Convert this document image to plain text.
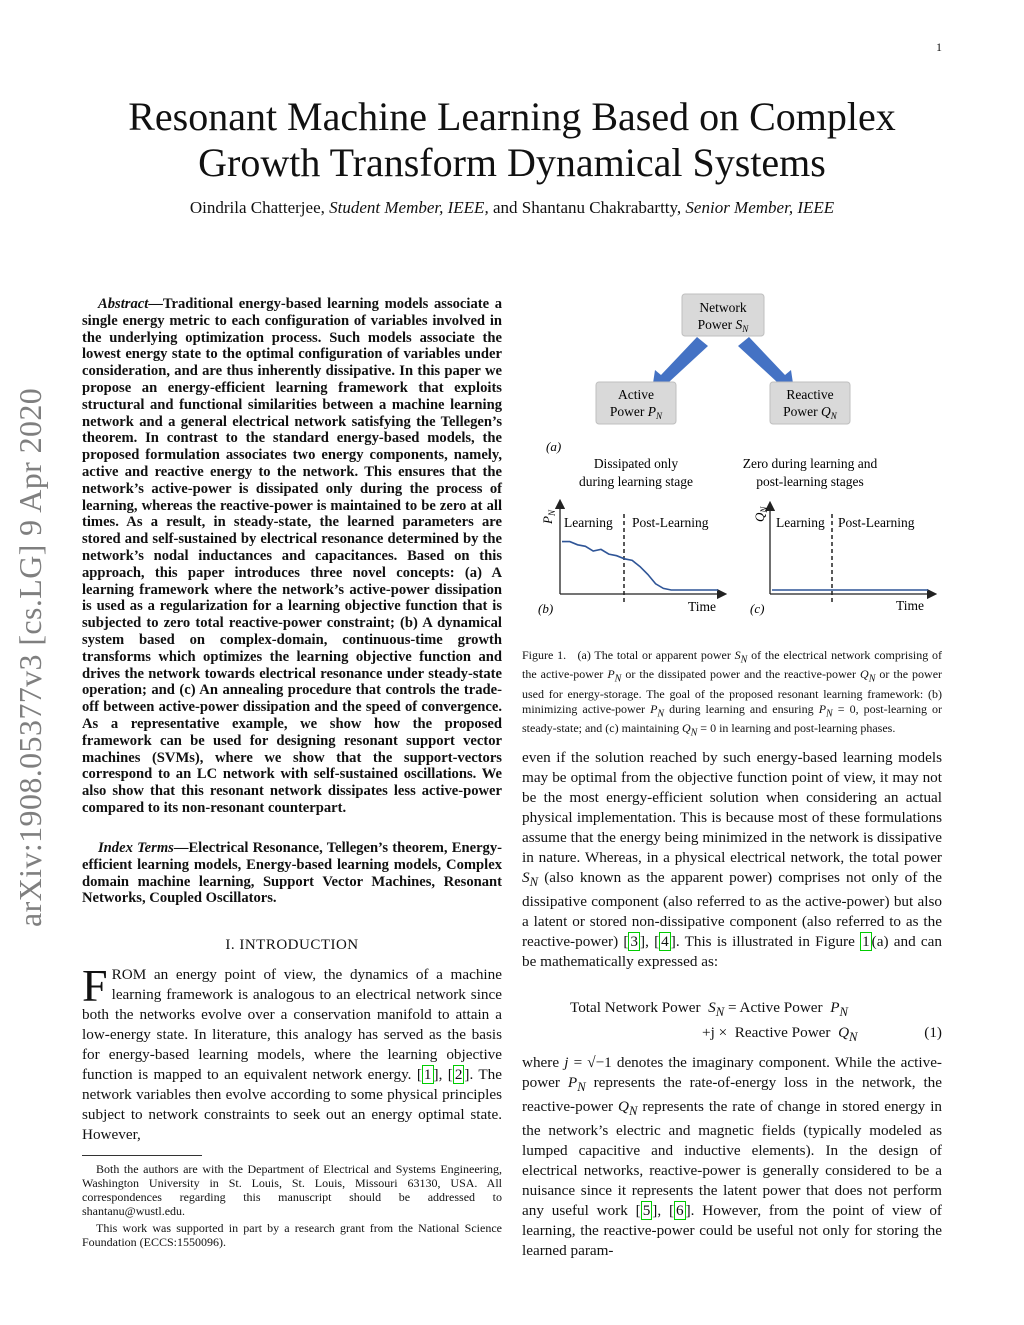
1
Resonant Machine Learning Based on Complex
Growth Transform Dynamical Systems
Oindrila Chatterjee, Student Member, IEEE, and Shantanu Chakrabartty, Senior Member, IEEE
arXiv:1908.05377v3 [cs.LG] 9 Apr 2020
Abstract—Traditional energy-based learning models associate a single energy metric to each configuration of variables involved in the underlying optimization process. Such models associate the lowest energy state to the optimal configuration of variables under consideration, and are thus inherently dissipative. In this paper we propose an energy-efficient learning framework that exploits structural and functional similarities between a machine learning network and a general electrical network satisfying the Tellegen’s theorem. In contrast to the standard energy-based models, the proposed formulation associates two energy components, namely, active and reactive energy to the network. This ensures that the network’s active-power is dissipated only during the process of learning, whereas the reactive-power is maintained to be zero at all times. As a result, in steady-state, the learned parameters are stored and self-sustained by electrical resonance determined by the network’s nodal inductances and capacitances. Based on this approach, this paper introduces three novel concepts: (a) A learning framework where the network’s active-power dissipation is used as a regularization for a learning objective function that is subjected to zero total reactive-power constraint; (b) A dynamical system based on complex-domain, continuous-time growth transforms which optimizes the learning objective function and drives the network towards electrical resonance under steady-state operation; and (c) An annealing procedure that controls the trade-off between active-power dissipation and the speed of convergence. As a representative example, we show how the proposed framework can be used for designing resonant support vector machines (SVMs), where we show that the support-vectors correspond to an LC network with self-sustained oscillations. We also show that this resonant network dissipates less active-power compared to its non-resonant counterpart.
Index Terms—Electrical Resonance, Tellegen’s theorem, Energy-efficient learning models, Energy-based learning models, Complex domain machine learning, Support Vector Machines, Resonant Networks, Coupled Oscillators.
I. INTRODUCTION
FROM an energy point of view, the dynamics of a machine learning framework is analogous to an electrical network since both the networks evolve over a conservation manifold to attain a low-energy state. In literature, this analogy has served as the basis for energy-based learning models, where the learning objective function is mapped to an equivalent network energy. [ 1 ], [ 2 ]. The network variables then evolve according to some physical principles subject to network constraints to seek out an energy optimal state. However,
Both the authors are with the Department of Electrical and Systems Engineering, Washington University in St. Louis, St. Louis, Missouri 63130, USA. All correspondences regarding this manuscript should be addressed to shantanu@wustl.edu.
This work was supported in part by a research grant from the National Science Foundation (ECCS:1550096).
Network
Power $S_N$
Active
Power $P_N$
Reactive
Power $Q_N$
(a)
Dissipated only
during learning stage
Zero during learning and
post-learning stages
$P_N$
Learning Post-Learning
Time
(b)
$Q_N$
Learning Post-Learning
Time
(c)
Figure 1. (a) The total or apparent power $S_N$ of the electrical network comprising of the active-power $P_N$ or the dissipated power and the reactive-power $Q_N$ or the power used for energy-storage. The goal of the proposed resonant learning framework: (b) minimizing active-power $P_N$ during learning and ensuring $P_N = 0$, post-learning or steady-state; and (c) maintaining $Q_N = 0$ in learning and post-learning phases.
even if the solution reached by such energy-based learning models may be optimal from the objective function point of view, it may not be the most energy-efficient solution when considering an actual physical implementation. This is because most of these formulations assume that the energy being minimized in the network is dissipative in nature. Whereas, in a physical electrical network, the total power $S_N$ (also known as the apparent power) comprises not only of the dissipative component (also referred to as the active-power) but also a latent or stored non-dissipative component (also referred to as the reactive-power) [ 3 ], [ 4 ]. This is illustrated in Figure 1 (a) and can be mathematically expressed as:
Total Network Power $S_N$ = Active Power $P_N$
+j × Reactive Power $Q_N$	(1)
where j = √−1 denotes the imaginary component. While the active-power $P_N$ represents the rate-of-energy loss in the network, the reactive-power $Q_N$ represents the rate of change in stored energy in the network’s electric and magnetic fields (typically modeled as lumped capacitive and inductive elements). In the design of electrical networks, reactive-power is generally considered to be a nuisance since it represents the latent power that does not perform any useful work [ 5 ], [ 6 ]. However, from the point of view of learning, the reactive-power could be useful not only for storing the learned param-
